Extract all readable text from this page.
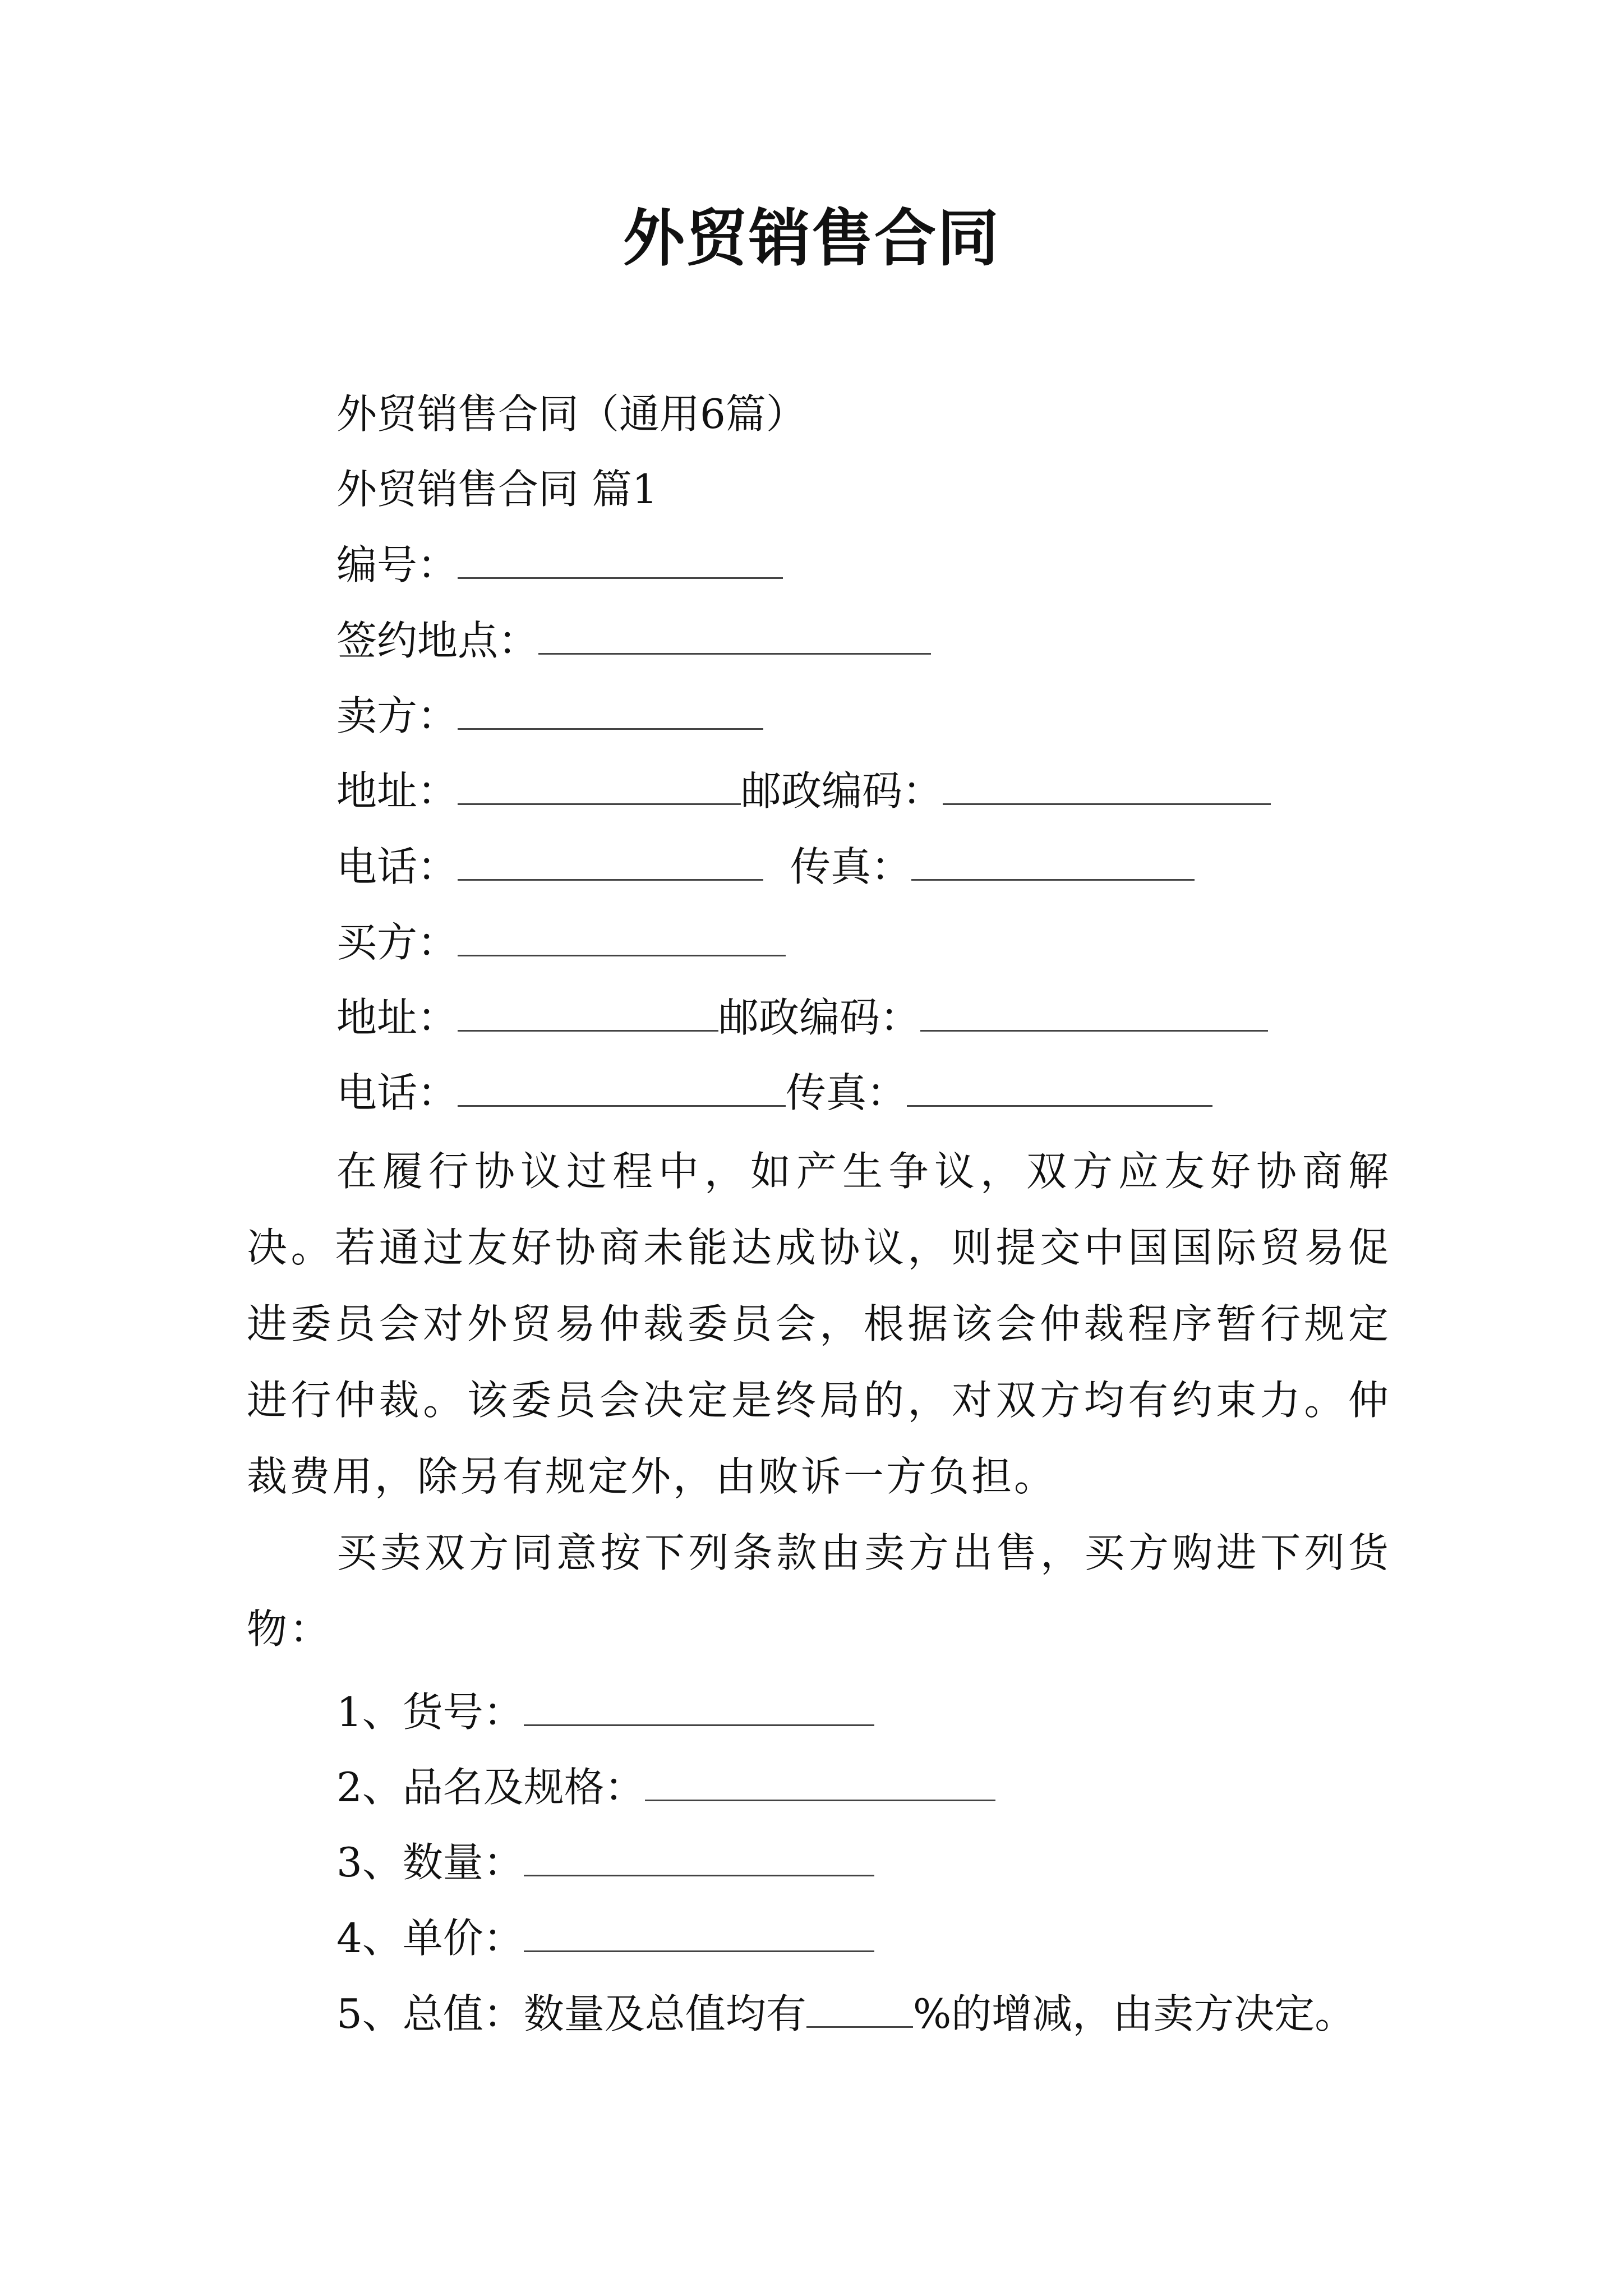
外贸销售合同
外贸销售合同（通用6篇）
外贸销售合同 篇1
编号：
签约地点：
卖方：
地址：	邮政编码：
电话：	传真：
买方：
地址：	邮政编码：
电话：	传真：
在履行协议过程中，如产生争议，双方应友好协商解决。若通过友好协商未能达成协议，则提交中国国际贸易促进委员会对外贸易仲裁委员会，根据该会仲裁程序暂行规定进行仲裁。该委员会决定是终局的，对双方均有约束力。仲裁费用，除另有规定外，由败诉一方负担。
买卖双方同意按下列条款由卖方出售，买方购进下列货物：
1、货号：
2、品名及规格：
3、数量：
4、单价：
5、总值：数量及总值均有	%的增减，由卖方决定。
